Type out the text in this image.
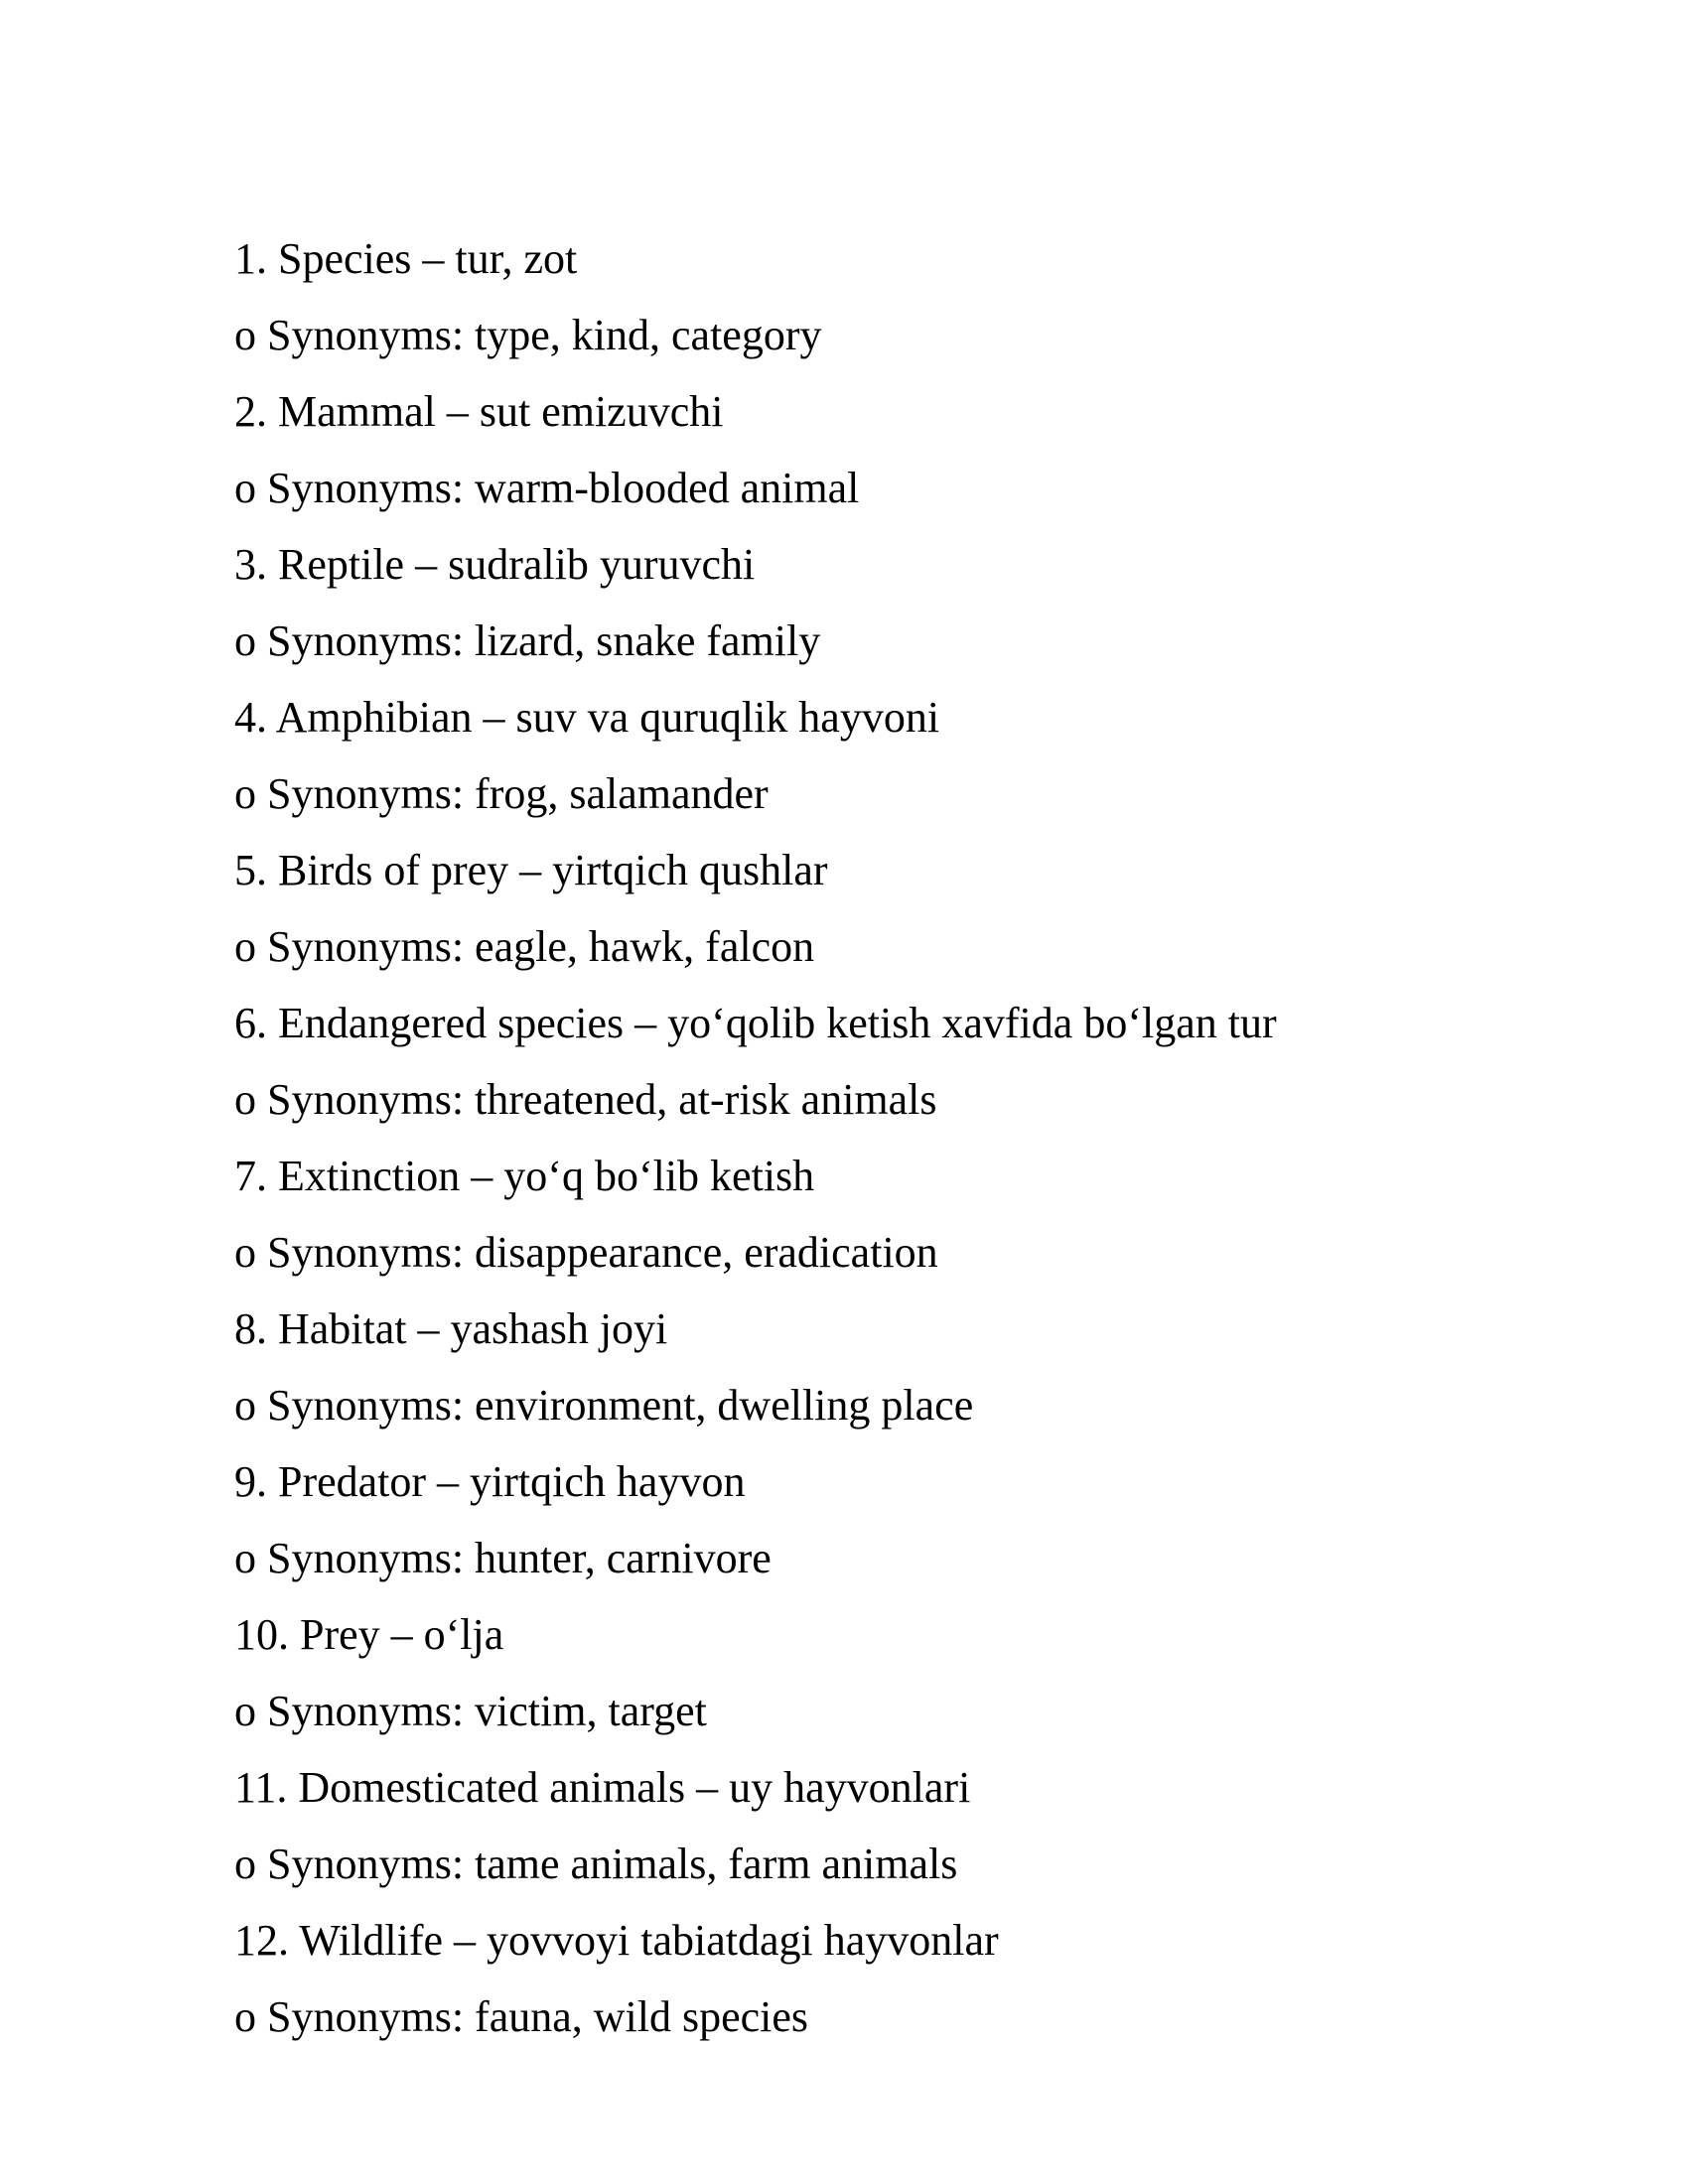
1. Species – tur, zot
o Synonyms: type, kind, category
2. Mammal – sut emizuvchi
o Synonyms: warm-blooded animal
3. Reptile – sudralib yuruvchi
o Synonyms: lizard, snake family
4. Amphibian – suv va quruqlik hayvoni
o Synonyms: frog, salamander
5. Birds of prey – yirtqich qushlar
o Synonyms: eagle, hawk, falcon
6. Endangered species – yo‘qolib ketish xavfida bo‘lgan tur
o Synonyms: threatened, at-risk animals
7. Extinction – yo‘q bo‘lib ketish
o Synonyms: disappearance, eradication
8. Habitat – yashash joyi
o Synonyms: environment, dwelling place
9. Predator – yirtqich hayvon
o Synonyms: hunter, carnivore
10. Prey – o‘lja
o Synonyms: victim, target
11. Domesticated animals – uy hayvonlari
o Synonyms: tame animals, farm animals
12. Wildlife – yovvoyi tabiatdagi hayvonlar
o Synonyms: fauna, wild species
